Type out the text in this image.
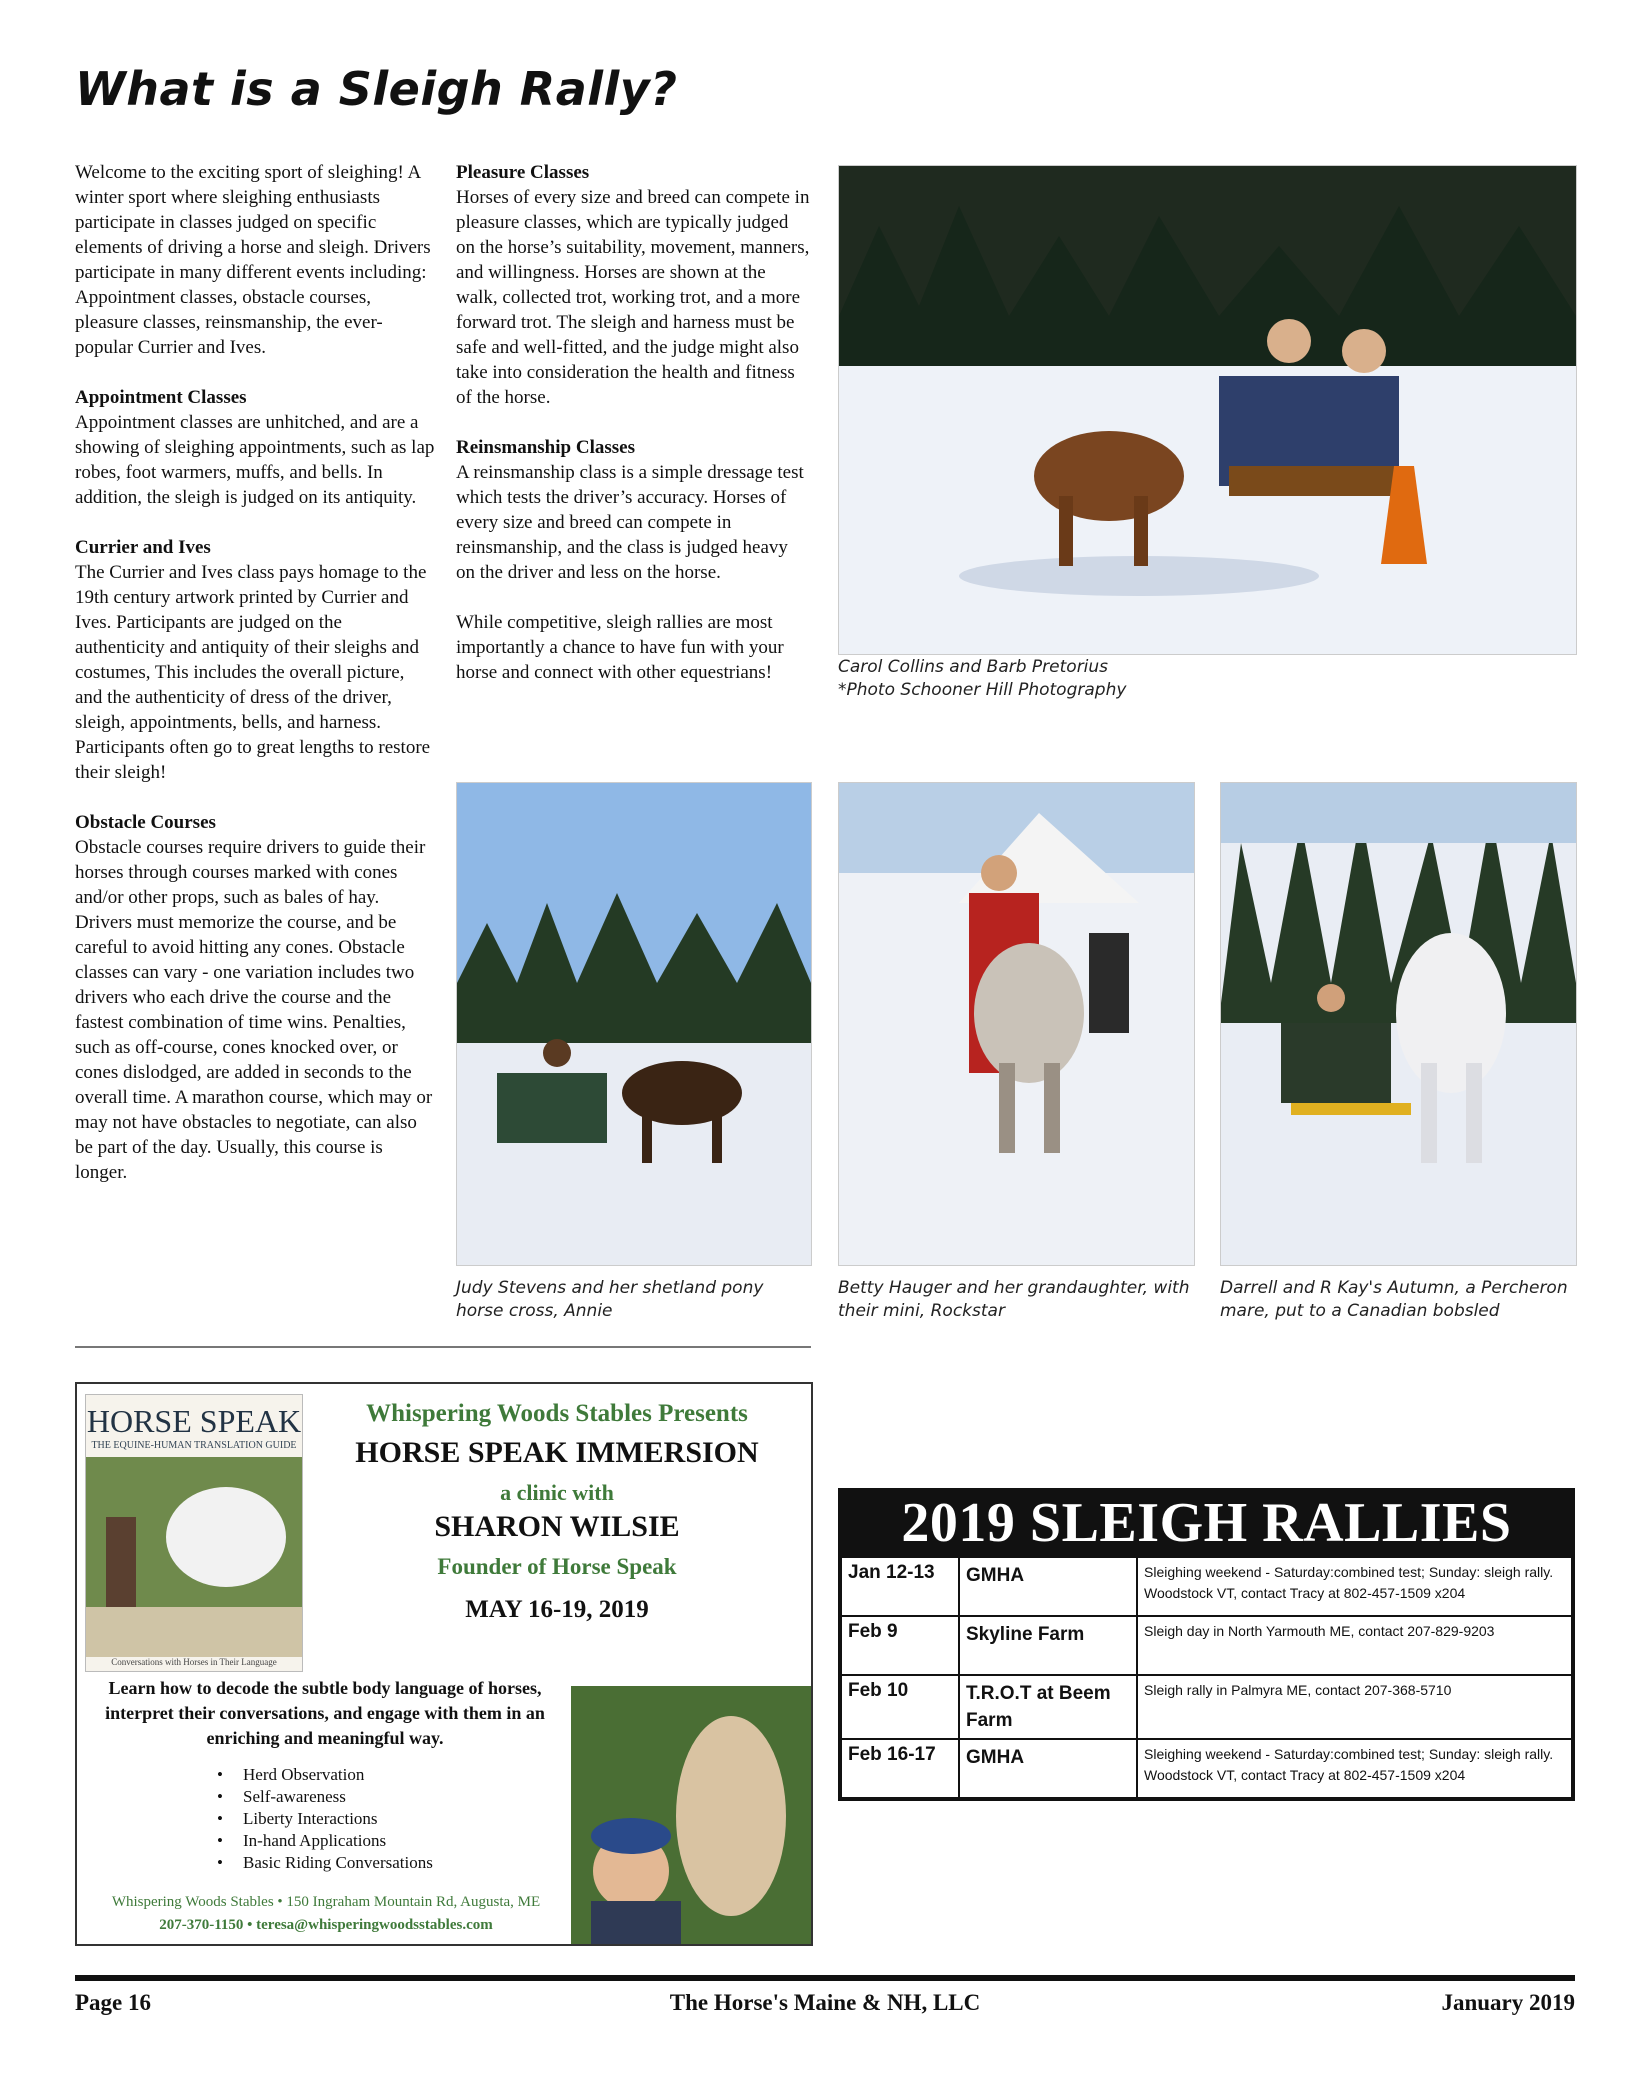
What is a Sleigh Rally?

Welcome to the exciting sport of sleighing! A winter sport where sleighing enthusiasts participate in classes judged on specific elements of driving a horse and sleigh. Drivers participate in many different events including: Appointment classes, obstacle courses, pleasure classes, reinsmanship, the ever-popular Currier and Ives.

Appointment Classes
Appointment classes are unhitched, and are a showing of sleighing appointments, such as lap robes, foot warmers, muffs, and bells. In addition, the sleigh is judged on its antiquity.

Currier and Ives
The Currier and Ives class pays homage to the 19th century artwork printed by Currier and Ives. Participants are judged on the authenticity and antiquity of their sleighs and costumes, This includes the overall picture, and the authenticity of dress of the driver, sleigh, appointments, bells, and harness. Participants often go to great lengths to restore their sleigh!

Obstacle Courses
Obstacle courses require drivers to guide their horses through courses marked with cones and/or other props, such as bales of hay. Drivers must memorize the course, and be careful to avoid hitting any cones. Obstacle classes can vary - one variation includes two drivers who each drive the course and the fastest combination of time wins. Penalties, such as off-course, cones knocked over, or cones dislodged, are added in seconds to the overall time. A marathon course, which may or may not have obstacles to negotiate, can also be part of the day. Usually, this course is longer.

Pleasure Classes
Horses of every size and breed can compete in pleasure classes, which are typically judged on the horse’s suitability, movement, manners, and willingness. Horses are shown at the walk, collected trot, working trot, and a more forward trot. The sleigh and harness must be safe and well-fitted, and the judge might also take into consideration the health and fitness of the horse.

Reinsmanship Classes
A reinsmanship class is a simple dressage test which tests the driver’s accuracy. Horses of every size and breed can compete in reinsmanship, and the class is judged heavy on the driver and less on the horse.

While competitive, sleigh rallies are most importantly a chance to have fun with your horse and connect with other equestrians!	Carol Collins and Barb Pretorius
*Photo Schooner Hill Photography
Judy Stevens and her shetland pony horse cross, Annie
Betty Hauger and her grandaughter, with their mini, Rockstar
Darrell and R Kay's Autumn, a Percheron mare, put to a Canadian bobsled
HORSE SPEAK
THE EQUINE-HUMAN TRANSLATION GUIDE
Conversations with Horses in Their Language
Whispering Woods Stables Presents
HORSE SPEAK IMMERSION
a clinic with
SHARON WILSIE
Founder of Horse Speak
MAY 16-19, 2019
Learn how to decode the subtle body language of horses, interpret their conversations, and engage with them in an enriching and meaningful way.
• Herd Observation
• Self-awareness
• Liberty Interactions
• In-hand Applications
• Basic Riding Conversations
Whispering Woods Stables • 150 Ingraham Mountain Rd, Augusta, ME
207-370-1150 • teresa@whisperingwoodsstables.com
2019 SLEIGH RALLIES
Jan 12-13	GMHA	Sleighing weekend - Saturday:combined test; Sunday: sleigh rally. Woodstock VT, contact Tracy at 802-457-1509 x204
Feb 9	Skyline Farm	Sleigh day in North Yarmouth ME, contact 207-829-9203
Feb 10	T.R.O.T at Beem Farm	Sleigh rally in Palmyra ME, contact 207-368-5710
Feb 16-17	GMHA	Sleighing weekend - Saturday:combined test; Sunday: sleigh rally. Woodstock VT, contact Tracy at 802-457-1509 x204
Page 16	The Horse's Maine & NH, LLC	January 2019
